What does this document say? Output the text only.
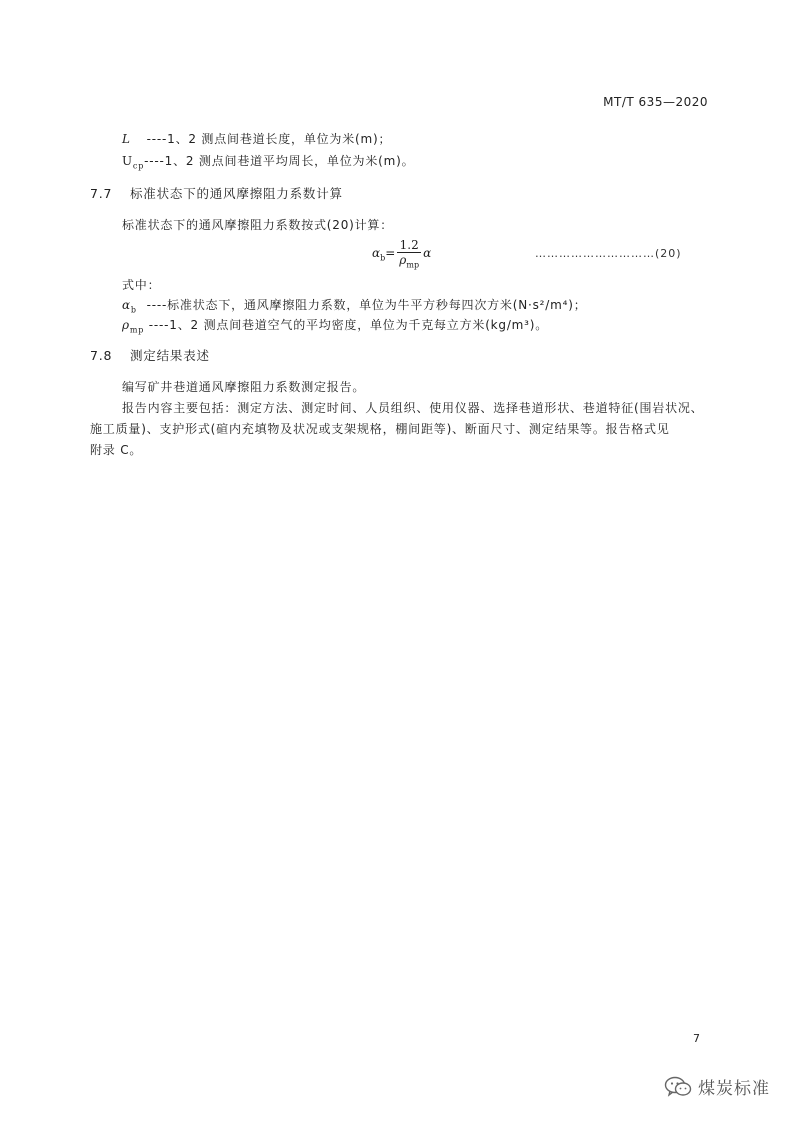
MT/T 635—2020
L ----1、2 测点间巷道长度，单位为米(m)；
$U_{cp}----1$、2 测点间巷道平均周长，单位为米(m)。
7.7 标准状态下的通风摩擦阻力系数计算
标准状态下的通风摩擦阻力系数按式(20)计算：
$\alpha_b= \frac{1.2}{\rho_{mp}}$ α	…………………………(20)
式中：
$\alpha_b$ ----标准状态下，通风摩擦阻力系数，单位为牛平方秒每四次方米(N·s²/m⁴)；
$\rho_{mp}$ ----1、2 测点间巷道空气的平均密度，单位为千克每立方米(kg/m³)。
7.8 测定结果表述
编写矿井巷道通风摩擦阻力系数测定报告。
报告内容主要包括：测定方法、测定时间、人员组织、使用仪器、选择巷道形状、巷道特征(围岩状况、
施工质量)、支护形式(碹内充填物及状况或支架规格，棚间距等)、断面尺寸、测定结果等。报告格式见
附录 C。
7
煤炭标准
